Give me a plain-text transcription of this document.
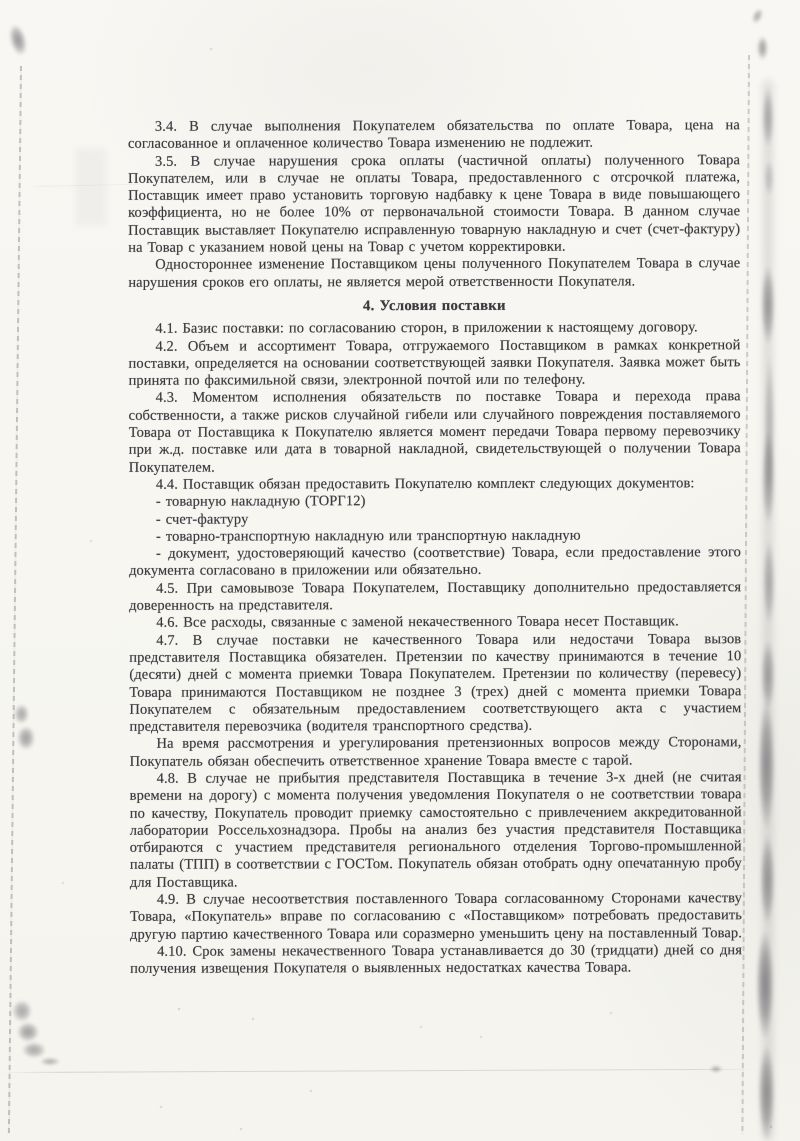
3.4. В случае выполнения Покупателем обязательства по оплате Товара, цена на согласованное и оплаченное количество Товара изменению не подлежит.

3.5. В случае нарушения срока оплаты (частичной оплаты) полученного Товара Покупателем, или в случае не оплаты Товара, предоставленного с отсрочкой платежа, Поставщик имеет право установить торговую надбавку к цене Товара в виде повышающего коэффициента, но не более 10% от первоначальной стоимости Товара. В данном случае Поставщик выставляет Покупателю исправленную товарную накладную и счет (счет-фактуру) на Товар с указанием новой цены на Товар с учетом корректировки.

Одностороннее изменение Поставщиком цены полученного Покупателем Товара в случае нарушения сроков его оплаты, не является мерой ответственности Покупателя.

4. Условия поставки

4.1. Базис поставки: по согласованию сторон, в приложении к настоящему договору.

4.2. Объем и ассортимент Товара, отгружаемого Поставщиком в рамках конкретной поставки, определяется на основании соответствующей заявки Покупателя. Заявка может быть принята по факсимильной связи, электронной почтой или по телефону.

4.3. Моментом исполнения обязательств по поставке Товара и перехода права собственности, а также рисков случайной гибели или случайного повреждения поставляемого Товара от Поставщика к Покупателю является момент передачи Товара первому перевозчику при ж.д. поставке или дата в товарной накладной, свидетельствующей о получении Товара Покупателем.

4.4. Поставщик обязан предоставить Покупателю комплект следующих документов:

- товарную накладную (ТОРГ12)

- счет-фактуру

- товарно-транспортную накладную или транспортную накладную

- документ, удостоверяющий качество (соответствие) Товара, если предоставление этого документа согласовано в приложении или обязательно.

4.5. При самовывозе Товара Покупателем, Поставщику дополнительно предоставляется доверенность на представителя.

4.6. Все расходы, связанные с заменой некачественного Товара несет Поставщик.

4.7. В случае поставки не качественного Товара или недостачи Товара вызов представителя Поставщика обязателен. Претензии по качеству принимаются в течение 10 (десяти) дней с момента приемки Товара Покупателем. Претензии по количеству (перевесу) Товара принимаются Поставщиком не позднее 3 (трех) дней с момента приемки Товара Покупателем с обязательным предоставлением соответствующего акта с участием представителя перевозчика (водителя транспортного средства).

На время рассмотрения и урегулирования претензионных вопросов между Сторонами, Покупатель обязан обеспечить ответственное хранение Товара вместе с тарой.

4.8. В случае не прибытия представителя Поставщика в течение 3-х дней (не считая времени на дорогу) с момента получения уведомления Покупателя о не соответствии товара по качеству, Покупатель проводит приемку самостоятельно с привлечением аккредитованной лаборатории Россельхознадзора. Пробы на анализ без участия представителя Поставщика отбираются с участием представителя регионального отделения Торгово-промышленной палаты (ТПП) в соответствии с ГОСТом. Покупатель обязан отобрать одну опечатанную пробу для Поставщика.

4.9. В случае несоответствия поставленного Товара согласованному Сторонами качеству Товара, «Покупатель» вправе по согласованию с «Поставщиком» потребовать предоставить другую партию качественного Товара или соразмерно уменьшить цену на поставленный Товар.

4.10. Срок замены некачественного Товара устанавливается до 30 (тридцати) дней со дня получения извещения Покупателя о выявленных недостатках качества Товара.
